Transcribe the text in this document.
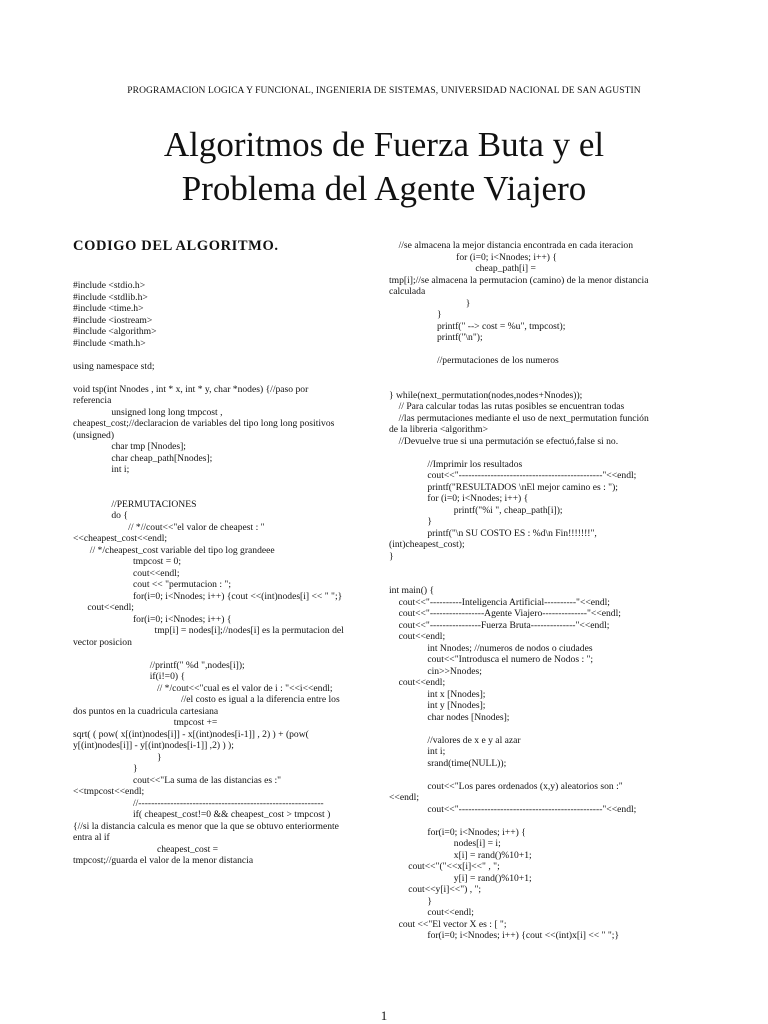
PROGRAMACION LOGICA Y FUNCIONAL, INGENIERIA DE SISTEMAS, UNIVERSIDAD NACIONAL DE SAN AGUSTIN
Algoritmos de Fuerza Buta y el
Problema del Agente Viajero
CODIGO DEL ALGORITMO.
#include <stdio.h>
#include <stdlib.h>
#include <time.h>
#include <iostream>
#include <algorithm>
#include <math.h>
using namespace std;
void tsp(int Nnodes , int * x, int * y, char *nodes) {//paso por referencia
unsigned long long tmpcost ,
cheapest_cost;//declaracion de variables del tipo long long positivos (unsigned)
char tmp [Nnodes];
char cheap_path[Nnodes];
int i;
//PERMUTACIONES
do {
// *//cout<<"el valor de cheapest : "<<cheapest_cost<<endl;
// */cheapest_cost variable del tipo log grandeee
tmpcost = 0;
cout<<endl;
cout << "permutacion : ";
for(i=0; i<Nnodes; i++) {cout <<(int)nodes[i] << " ";}
cout<<endl;
for(i=0; i<Nnodes; i++) {
tmp[i] = nodes[i];//nodes[i] es la permutacion del vector posicion
//printf(" %d ",nodes[i]);
if(i!=0) {
// */cout<<"cual es el valor de i : "<<i<<endl;
//el costo es igual a la diferencia entre los dos puntos en la cuadricula cartesiana
tmpcost +=
sqrt( ( pow( x[(int)nodes[i]] - x[(int)nodes[i-1]] , 2) ) + (pow( y[(int)nodes[i]] - y[(int)nodes[i-1]] ,2) ) );
}
}
cout<<"La suma de las distancias es :"<<tmpcost<<endl;
//----------------------------------------------------------
if( cheapest_cost!=0 && cheapest_cost > tmpcost ) {//si la distancia calcula es menor que la que se obtuvo enteriormente entra al if
cheapest_cost =
tmpcost;//guarda el valor de la menor distancia
//se almacena la mejor distancia encontrada en cada iteracion
for (i=0; i<Nnodes; i++) {
cheap_path[i] =
tmp[i];//se almacena la permutacion (camino) de la menor distancia calculada
}
}
printf(" --> cost = %u", tmpcost);
printf("\n");
//permutaciones de los numeros
} while(next_permutation(nodes,nodes+Nnodes));
// Para calcular todas las rutas posibles se encuentran todas
//las permutaciones mediante el uso de next_permutation función de la libreria <algorithm>
//Devuelve true si una permutación se efectuó,false si no.
//Imprimir los resultados
cout<<"---------------------------------------------"<<endl;
printf("RESULTADOS \nEl mejor camino es : ");
for (i=0; i<Nnodes; i++) {
printf("%i ", cheap_path[i]);
}
printf("\n SU COSTO ES : %d\n Fin!!!!!!!", (int)cheapest_cost);
}
int main() {
cout<<"----------Inteligencia Artificial----------"<<endl;
cout<<"-----------------Agente Viajero--------------"<<endl;
cout<<"----------------Fuerza Bruta--------------"<<endl;
cout<<endl;
int Nnodes; //numeros de nodos o ciudades
cout<<"Introdusca el numero de Nodos : ";
cin>>Nnodes;
cout<<endl;
int x [Nnodes];
int y [Nnodes];
char nodes [Nnodes];
//valores de x e y al azar
int i;
srand(time(NULL));
cout<<"Los pares ordenados (x,y) aleatorios son :"<<endl;
cout<<"---------------------------------------------"<<endl;
for(i=0; i<Nnodes; i++) {
nodes[i] = i;
x[i] = rand()%10+1;
cout<<"("<<x[i]<<" , ";
y[i] = rand()%10+1;
cout<<y[i]<<") , ";
}
cout<<endl;
cout <<"El vector X es : [ ";
for(i=0; i<Nnodes; i++) {cout <<(int)x[i] << " ";}
1
